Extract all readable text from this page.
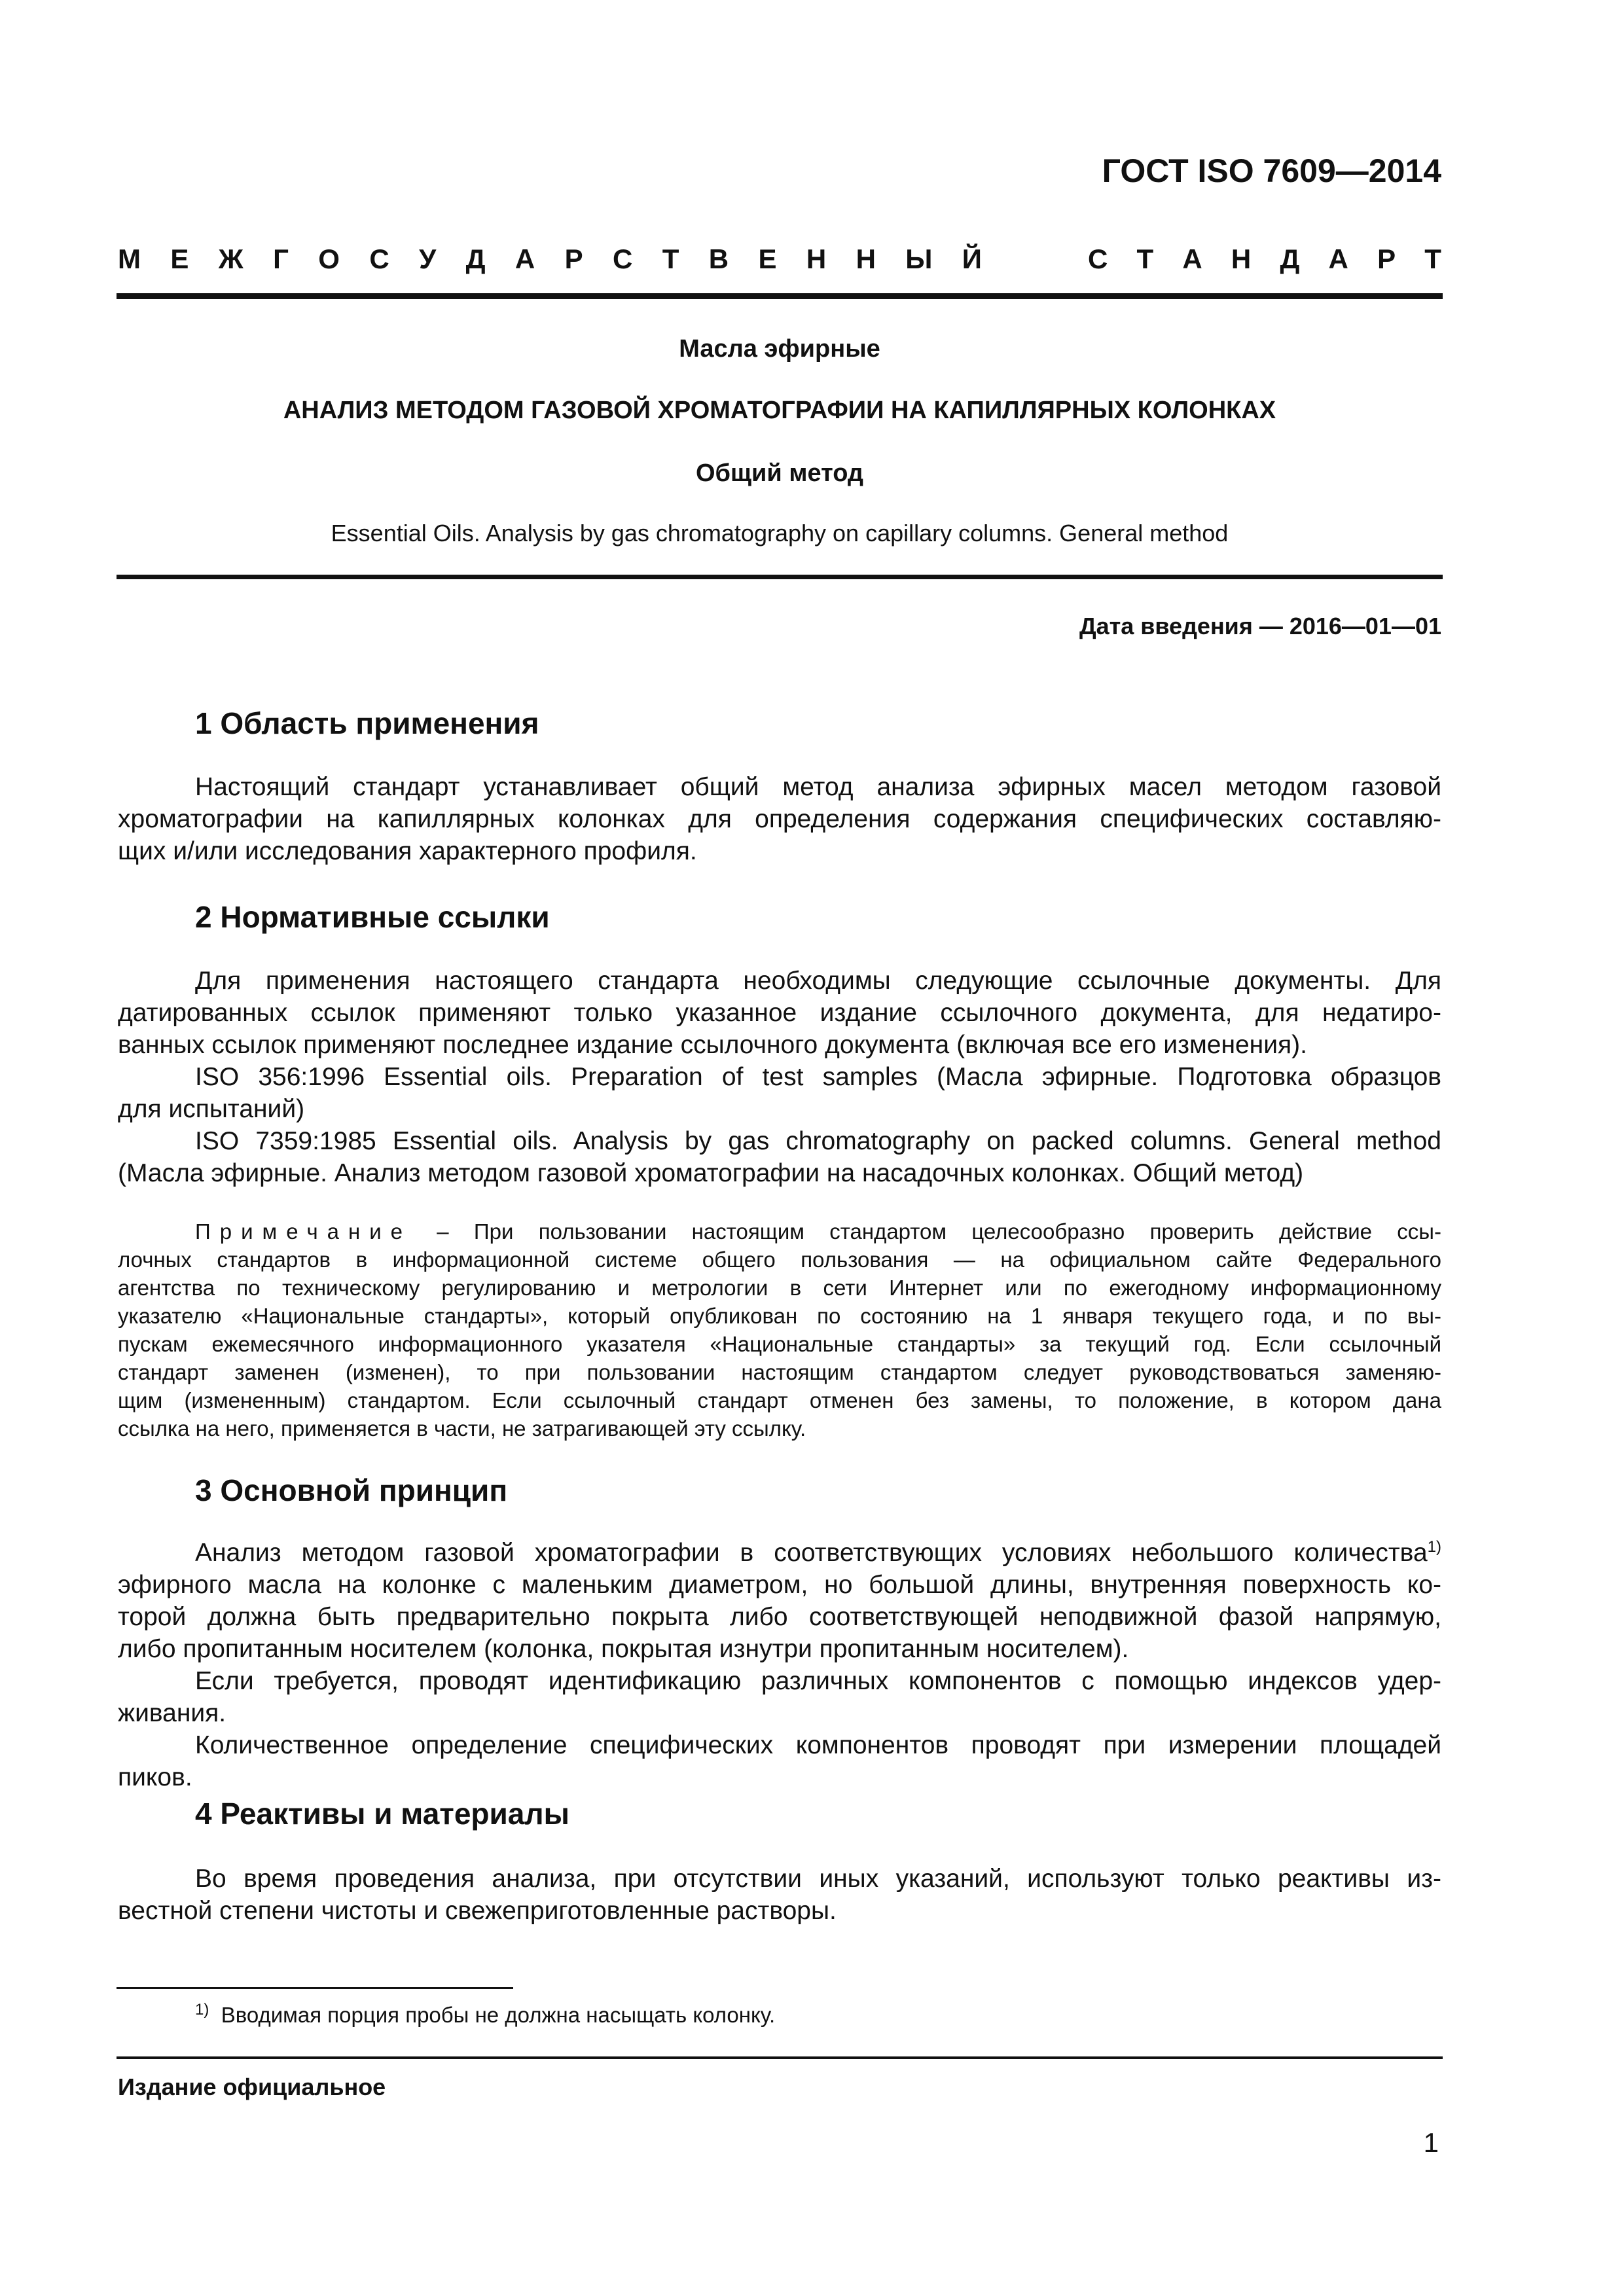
ГОСТ ISO 7609—2014
М Е Ж Г О С У Д А Р С Т В Е Н Н Ы Й	С Т А Н Д А Р Т
Масла эфирные
АНАЛИЗ МЕТОДОМ ГАЗОВОЙ ХРОМАТОГРАФИИ НА КАПИЛЛЯРНЫХ КОЛОНКАХ
Общий метод
Essential Oils. Analysis by gas chromatography on capillary columns. General method
Дата введения — 2016—01—01
1 Область применения
Настоящий стандарт устанавливает общий метод анализа эфирных масел методом газовой
хроматографии на капиллярных колонках для определения содержания специфических составляю-
щих и/или исследования характерного профиля.
2 Нормативные ссылки
Для применения настоящего стандарта необходимы следующие ссылочные документы. Для
датированных ссылок применяют только указанное издание ссылочного документа, для недатиро-
ванных ссылок применяют последнее издание ссылочного документа (включая все его изменения).
ISO 356:1996 Essential oils. Preparation of test samples (Масла эфирные. Подготовка образцов
для испытаний)
ISO 7359:1985 Essential oils. Analysis by gas chromatography on packed columns. General method
(Масла эфирные. Анализ методом газовой хроматографии на насадочных колонках. Общий метод)
Примечание – При пользовании настоящим стандартом целесообразно проверить действие ссы-
лочных стандартов в информационной системе общего пользования — на официальном сайте Федерального
агентства по техническому регулированию и метрологии в сети Интернет или по ежегодному информационному
указателю «Национальные стандарты», который опубликован по состоянию на 1 января текущего года, и по вы-
пускам ежемесячного информационного указателя «Национальные стандарты» за текущий год. Если ссылочный
стандарт заменен (изменен), то при пользовании настоящим стандартом следует руководствоваться заменяю-
щим (измененным) стандартом. Если ссылочный стандарт отменен без замены, то положение, в котором дана
ссылка на него, применяется в части, не затрагивающей эту ссылку.
3 Основной принцип
Анализ методом газовой хроматографии в соответствующих условиях небольшого количества$^{1)}$
эфирного масла на колонке с маленьким диаметром, но большой длины, внутренняя поверхность ко-
торой должна быть предварительно покрыта либо соответствующей неподвижной фазой напрямую,
либо пропитанным носителем (колонка, покрытая изнутри пропитанным носителем).
Если требуется, проводят идентификацию различных компонентов с помощью индексов удер-
живания.
Количественное определение специфических компонентов проводят при измерении площадей
пиков.
4 Реактивы и материалы
Во время проведения анализа, при отсутствии иных указаний, используют только реактивы из-
вестной степени чистоты и свежеприготовленные растворы.
$^{1)}$ Вводимая порция пробы не должна насыщать колонку.
Издание официальное
1
